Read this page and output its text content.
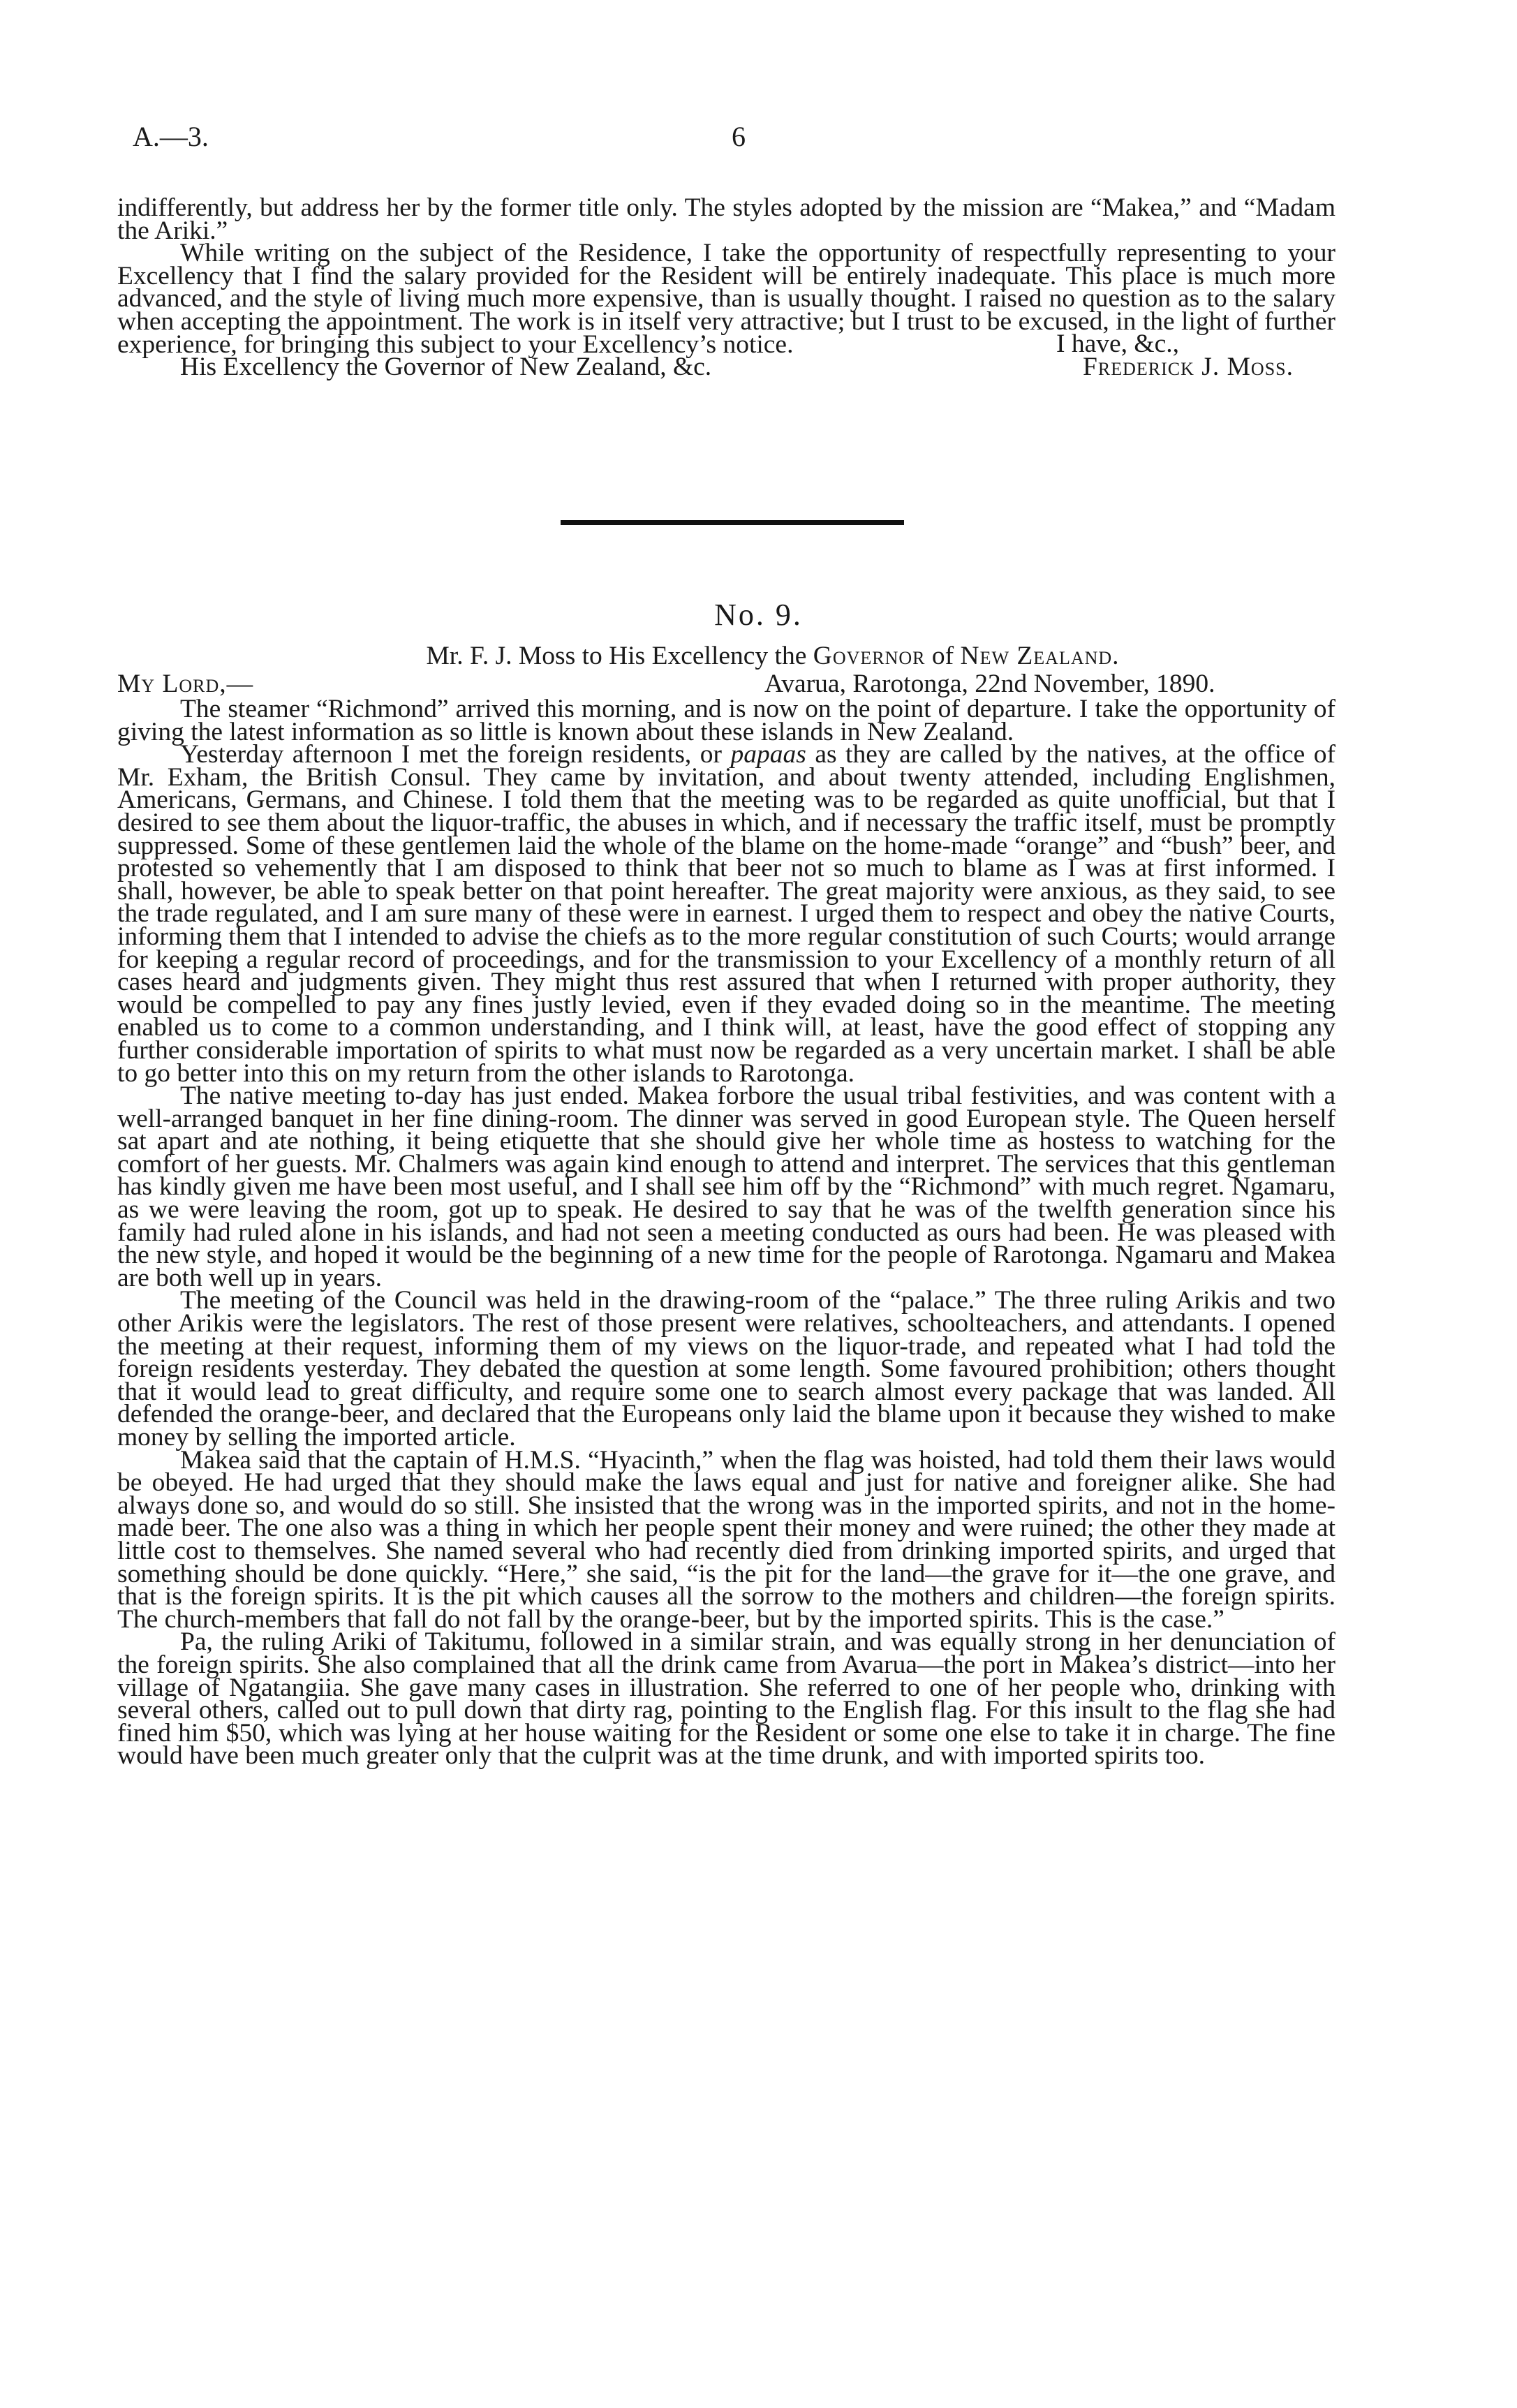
A.—3.	6

indifferently, but address her by the former title only. The styles adopted by the mission are “Makea,” and “Madam the Ariki.”

While writing on the subject of the Residence, I take the opportunity of respectfully representing to your Excellency that I find the salary provided for the Resident will be entirely inadequate. This place is much more advanced, and the style of living much more expensive, than is usually thought. I raised no question as to the salary when accepting the appointment. The work is in itself very attractive; but I trust to be excused, in the light of further experience, for bringing this subject to your Excellency’s notice.	I have, &c.,
His Excellency the Governor of New Zealand, &c.	Frederick J. Moss.
No. 9.
Mr. F. J. Moss to His Excellency the Governor of New Zealand.
My Lord,—	Avarua, Rarotonga, 22nd November, 1890.

The steamer “Richmond” arrived this morning, and is now on the point of departure. I take the opportunity of giving the latest information as so little is known about these islands in New Zealand.

Yesterday afternoon I met the foreign residents, or papaas as they are called by the natives, at the office of Mr. Exham, the British Consul. They came by invitation, and about twenty attended, including Englishmen, Americans, Germans, and Chinese. I told them that the meeting was to be regarded as quite unofficial, but that I desired to see them about the liquor-traffic, the abuses in which, and if necessary the traffic itself, must be promptly suppressed. Some of these gentlemen laid the whole of the blame on the home-made “orange” and “bush” beer, and protested so vehemently that I am disposed to think that beer not so much to blame as I was at first informed. I shall, however, be able to speak better on that point hereafter. The great majority were anxious, as they said, to see the trade regulated, and I am sure many of these were in earnest. I urged them to respect and obey the native Courts, informing them that I intended to advise the chiefs as to the more regular constitution of such Courts; would arrange for keeping a regular record of proceedings, and for the transmission to your Excellency of a monthly return of all cases heard and judgments given. They might thus rest assured that when I returned with proper authority, they would be compelled to pay any fines justly levied, even if they evaded doing so in the meantime. The meeting enabled us to come to a common understanding, and I think will, at least, have the good effect of stopping any further considerable importation of spirits to what must now be regarded as a very uncertain market. I shall be able to go better into this on my return from the other islands to Rarotonga.

The native meeting to-day has just ended. Makea forbore the usual tribal festivities, and was content with a well-arranged banquet in her fine dining-room. The dinner was served in good European style. The Queen herself sat apart and ate nothing, it being etiquette that she should give her whole time as hostess to watching for the comfort of her guests. Mr. Chalmers was again kind enough to attend and interpret. The services that this gentleman has kindly given me have been most useful, and I shall see him off by the “Richmond” with much regret. Ngamaru, as we were leaving the room, got up to speak. He desired to say that he was of the twelfth generation since his family had ruled alone in his islands, and had not seen a meeting conducted as ours had been. He was pleased with the new style, and hoped it would be the beginning of a new time for the people of Rarotonga. Ngamaru and Makea are both well up in years.

The meeting of the Council was held in the drawing-room of the “palace.” The three ruling Arikis and two other Arikis were the legislators. The rest of those present were relatives, schoolteachers, and attendants. I opened the meeting at their request, informing them of my views on the liquor-trade, and repeated what I had told the foreign residents yesterday. They debated the question at some length. Some favoured prohibition; others thought that it would lead to great difficulty, and require some one to search almost every package that was landed. All defended the orange-beer, and declared that the Europeans only laid the blame upon it because they wished to make money by selling the imported article.

Makea said that the captain of H.M.S. “Hyacinth,” when the flag was hoisted, had told them their laws would be obeyed. He had urged that they should make the laws equal and just for native and foreigner alike. She had always done so, and would do so still. She insisted that the wrong was in the imported spirits, and not in the home-made beer. The one also was a thing in which her people spent their money and were ruined; the other they made at little cost to themselves. She named several who had recently died from drinking imported spirits, and urged that something should be done quickly. “Here,” she said, “is the pit for the land—the grave for it—the one grave, and that is the foreign spirits. It is the pit which causes all the sorrow to the mothers and children—the foreign spirits. The church-members that fall do not fall by the orange-beer, but by the imported spirits. This is the case.”

Pa, the ruling Ariki of Takitumu, followed in a similar strain, and was equally strong in her denunciation of the foreign spirits. She also complained that all the drink came from Avarua—the port in Makea’s district—into her village of Ngatangiia. She gave many cases in illustration. She referred to one of her people who, drinking with several others, called out to pull down that dirty rag, pointing to the English flag. For this insult to the flag she had fined him $50, which was lying at her house waiting for the Resident or some one else to take it in charge. The fine would have been much greater only that the culprit was at the time drunk, and with imported spirits too.
